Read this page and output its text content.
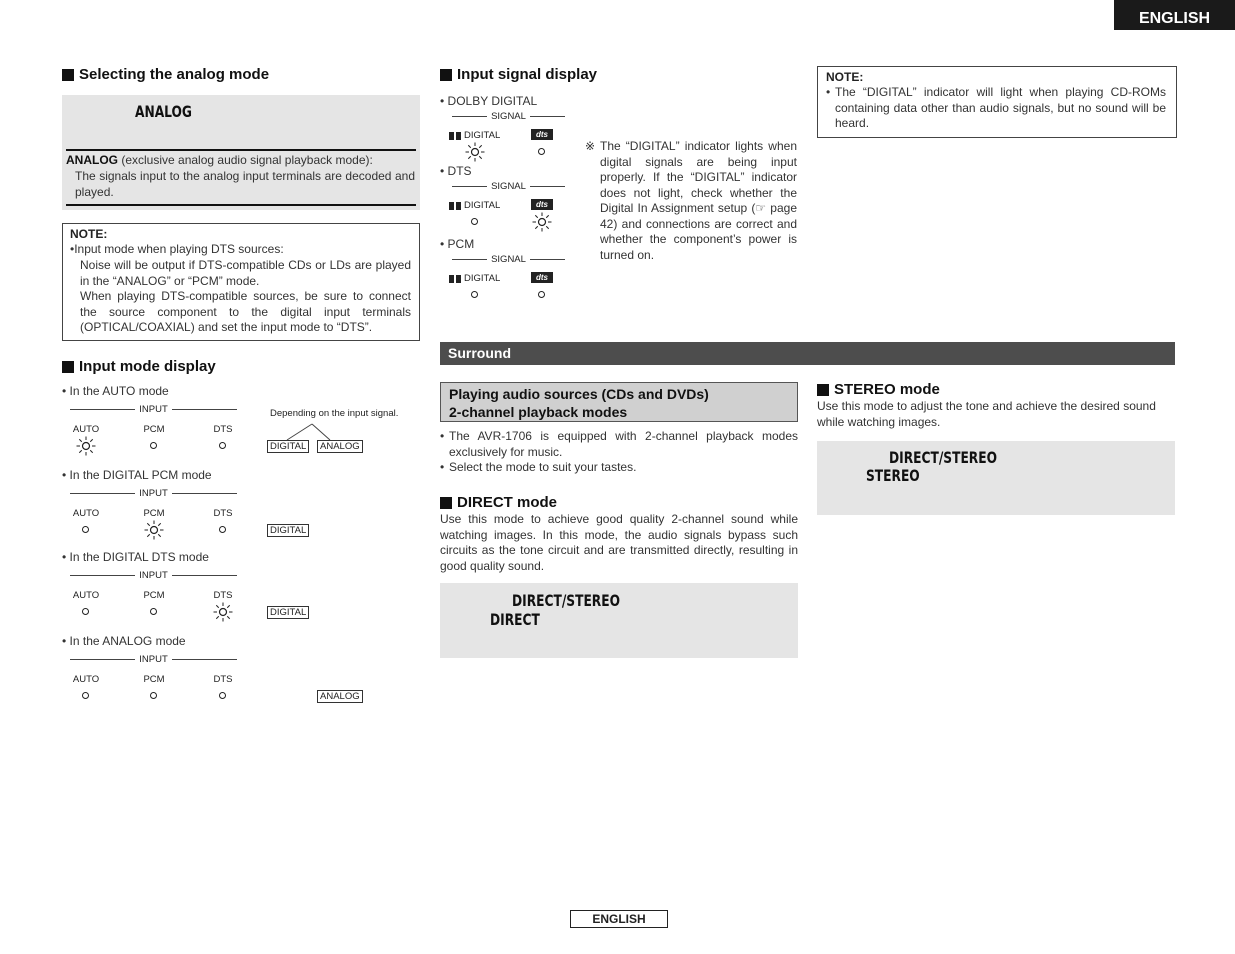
ENGLISH
Selecting the analog mode
ANALOG
ANALOG (exclusive analog audio signal playback mode):
The signals input to the analog input terminals are decoded and played.
NOTE:
•Input mode when playing DTS sources:
Noise will be output if DTS-compatible CDs or LDs are played in the “ANALOG” or “PCM” mode.
When playing DTS-compatible sources, be sure to connect the source component to the digital input terminals (OPTICAL/COAXIAL) and set the input mode to “DTS”.
Input mode display
• In the AUTO mode
INPUT
AUTO	PCM	DTS
DIGITAL	ANALOG
• In the DIGITAL PCM mode
INPUT
AUTO	PCM	DTS
DIGITAL
• In the DIGITAL DTS mode
INPUT
AUTO	PCM	DTS
DIGITAL
• In the ANALOG mode
INPUT
AUTO	PCM	DTS
ANALOG
Depending on the input signal.
Input signal display
• DOLBY DIGITAL
SIGNAL
DIGITAL	dts
• DTS
SIGNAL
DIGITAL	dts
• PCM
SIGNAL
DIGITAL	dts
※ The “DIGITAL” indicator lights when digital signals are being input properly. If the “DIGITAL” indicator does not light, check whether the Digital In Assignment setup (☞ page 42) and connections are correct and whether the component’s power is turned on.
NOTE:
• The “DIGITAL” indicator will light when playing CD-ROMs containing data other than audio signals, but no sound will be heard.
Surround
Playing audio sources (CDs and DVDs)
2-channel playback modes
• The AVR-1706 is equipped with 2-channel playback modes exclusively for music.
• Select the mode to suit your tastes.
DIRECT mode
Use this mode to achieve good quality 2-channel sound while watching images. In this mode, the audio signals bypass such circuits as the tone circuit and are transmitted directly, resulting in good quality sound.
DIRECT/STEREO
DIRECT
STEREO mode
Use this mode to adjust the tone and achieve the desired sound while watching images.
DIRECT/STEREO
STEREO
ENGLISH
